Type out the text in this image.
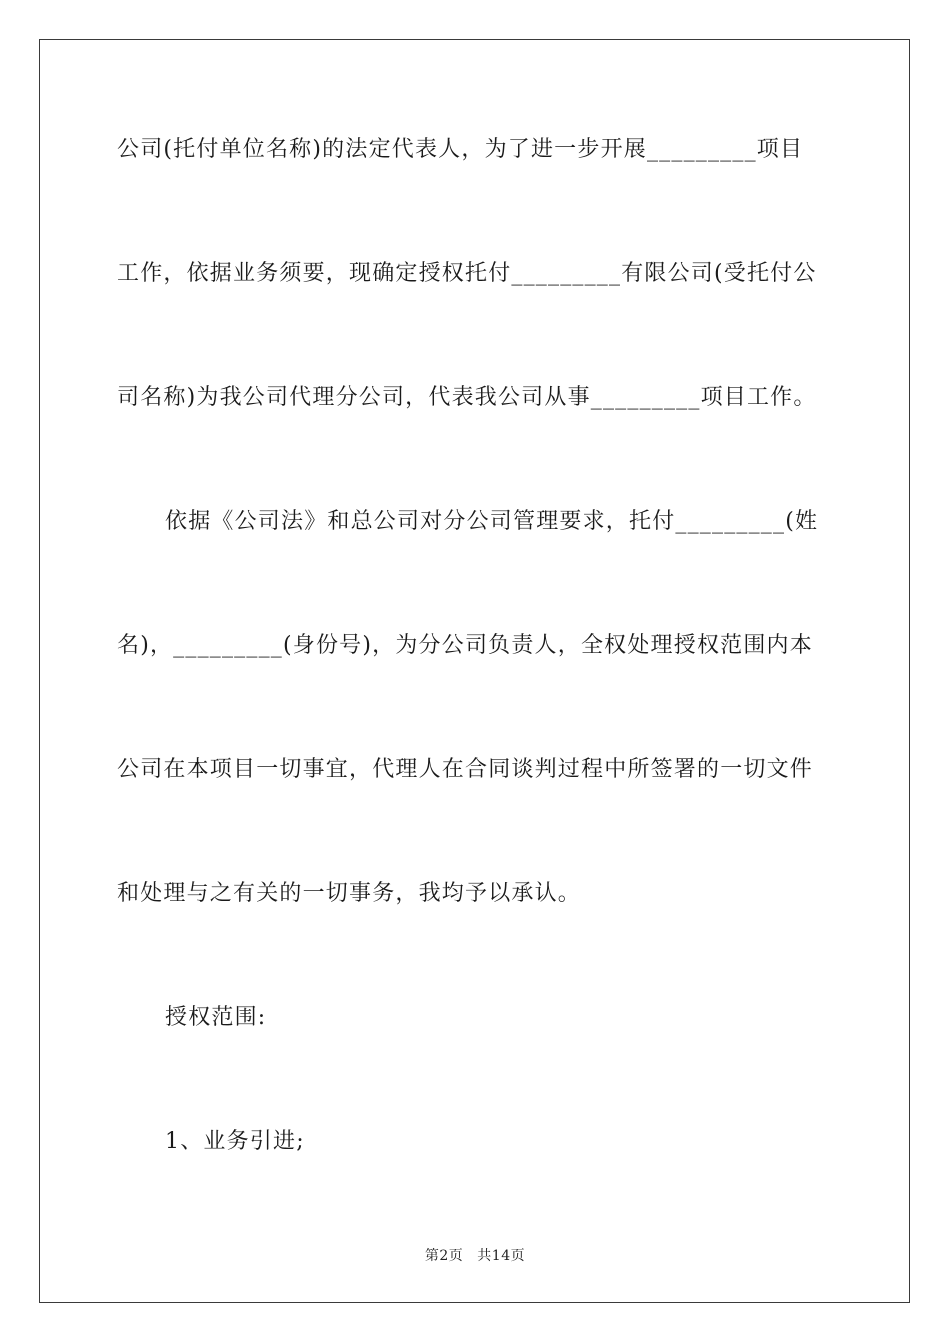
公司(托付单位名称)的法定代表人，为了进一步开展_________项目
工作，依据业务须要，现确定授权托付_________有限公司(受托付公
司名称)为我公司代理分公司，代表我公司从事_________项目工作。
依据《公司法》和总公司对分公司管理要求，托付_________(姓
名)，_________(身份号)，为分公司负责人，全权处理授权范围内本
公司在本项目一切事宜，代理人在合同谈判过程中所签署的一切文件
和处理与之有关的一切事务，我均予以承认。
授权范围:
1、业务引进;
第2页 共14页
